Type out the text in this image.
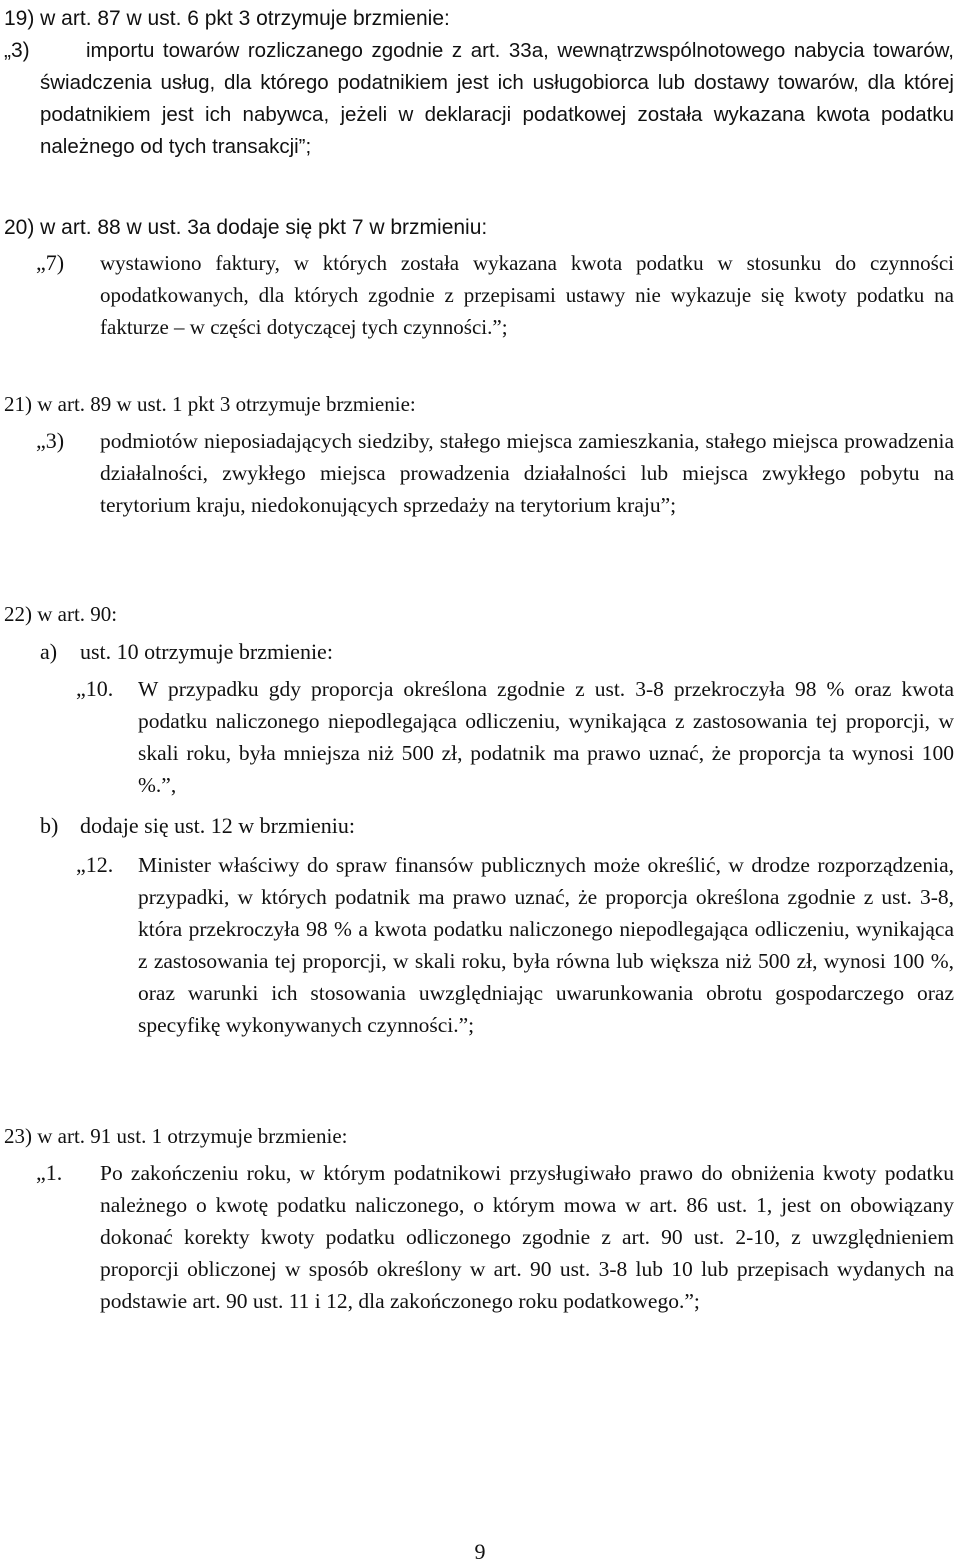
19) w art. 87 w ust. 6 pkt 3 otrzymuje brzmienie:
„3)	importu towarów rozliczanego zgodnie z art. 33a, wewnątrzwspólnotowego nabycia towarów, świadczenia usług, dla którego podatnikiem jest ich usługobiorca lub dostawy towarów, dla której podatnikiem jest ich nabywca, jeżeli w deklaracji podatkowej została wykazana kwota podatku należnego od tych transakcji”;
20) w art. 88 w ust. 3a dodaje się pkt 7 w brzmieniu:
„7) wystawiono faktury, w których została wykazana kwota podatku w stosunku do czynności opodatkowanych, dla których zgodnie z przepisami ustawy nie wykazuje się kwoty podatku na fakturze – w części dotyczącej tych czynności.”;
21) w art. 89 w ust. 1 pkt 3 otrzymuje brzmienie:
„3) podmiotów nieposiadających siedziby, stałego miejsca zamieszkania, stałego miejsca prowadzenia działalności, zwykłego miejsca prowadzenia działalności lub miejsca zwykłego pobytu na terytorium kraju, niedokonujących sprzedaży na terytorium kraju”;
22) w art. 90:
a) ust. 10 otrzymuje brzmienie:
„10. W przypadku gdy proporcja określona zgodnie z ust. 3-8 przekroczyła 98 % oraz kwota podatku naliczonego niepodlegająca odliczeniu, wynikająca z zastosowania tej proporcji, w skali roku, była mniejsza niż 500 zł, podatnik ma prawo uznać, że proporcja ta wynosi 100 %.”,
b) dodaje się ust. 12 w brzmieniu:
„12. Minister właściwy do spraw finansów publicznych może określić, w drodze rozporządzenia, przypadki, w których podatnik ma prawo uznać, że proporcja określona zgodnie z ust. 3-8, która przekroczyła 98 % a kwota podatku naliczonego niepodlegająca odliczeniu, wynikająca z zastosowania tej proporcji, w skali roku, była równa lub większa niż 500 zł, wynosi 100 %, oraz warunki ich stosowania uwzględniając uwarunkowania obrotu gospodarczego oraz specyfikę wykonywanych czynności.”;
23) w art. 91 ust. 1 otrzymuje brzmienie:
„1. Po zakończeniu roku, w którym podatnikowi przysługiwało prawo do obniżenia kwoty podatku należnego o kwotę podatku naliczonego, o którym mowa w art. 86 ust. 1, jest on obowiązany dokonać korekty kwoty podatku odliczonego zgodnie z art. 90 ust. 2-10, z uwzględnieniem proporcji obliczonej w sposób określony w art. 90 ust. 3-8 lub 10 lub przepisach wydanych na podstawie art. 90 ust. 11 i 12, dla zakończonego roku podatkowego.”;
9
